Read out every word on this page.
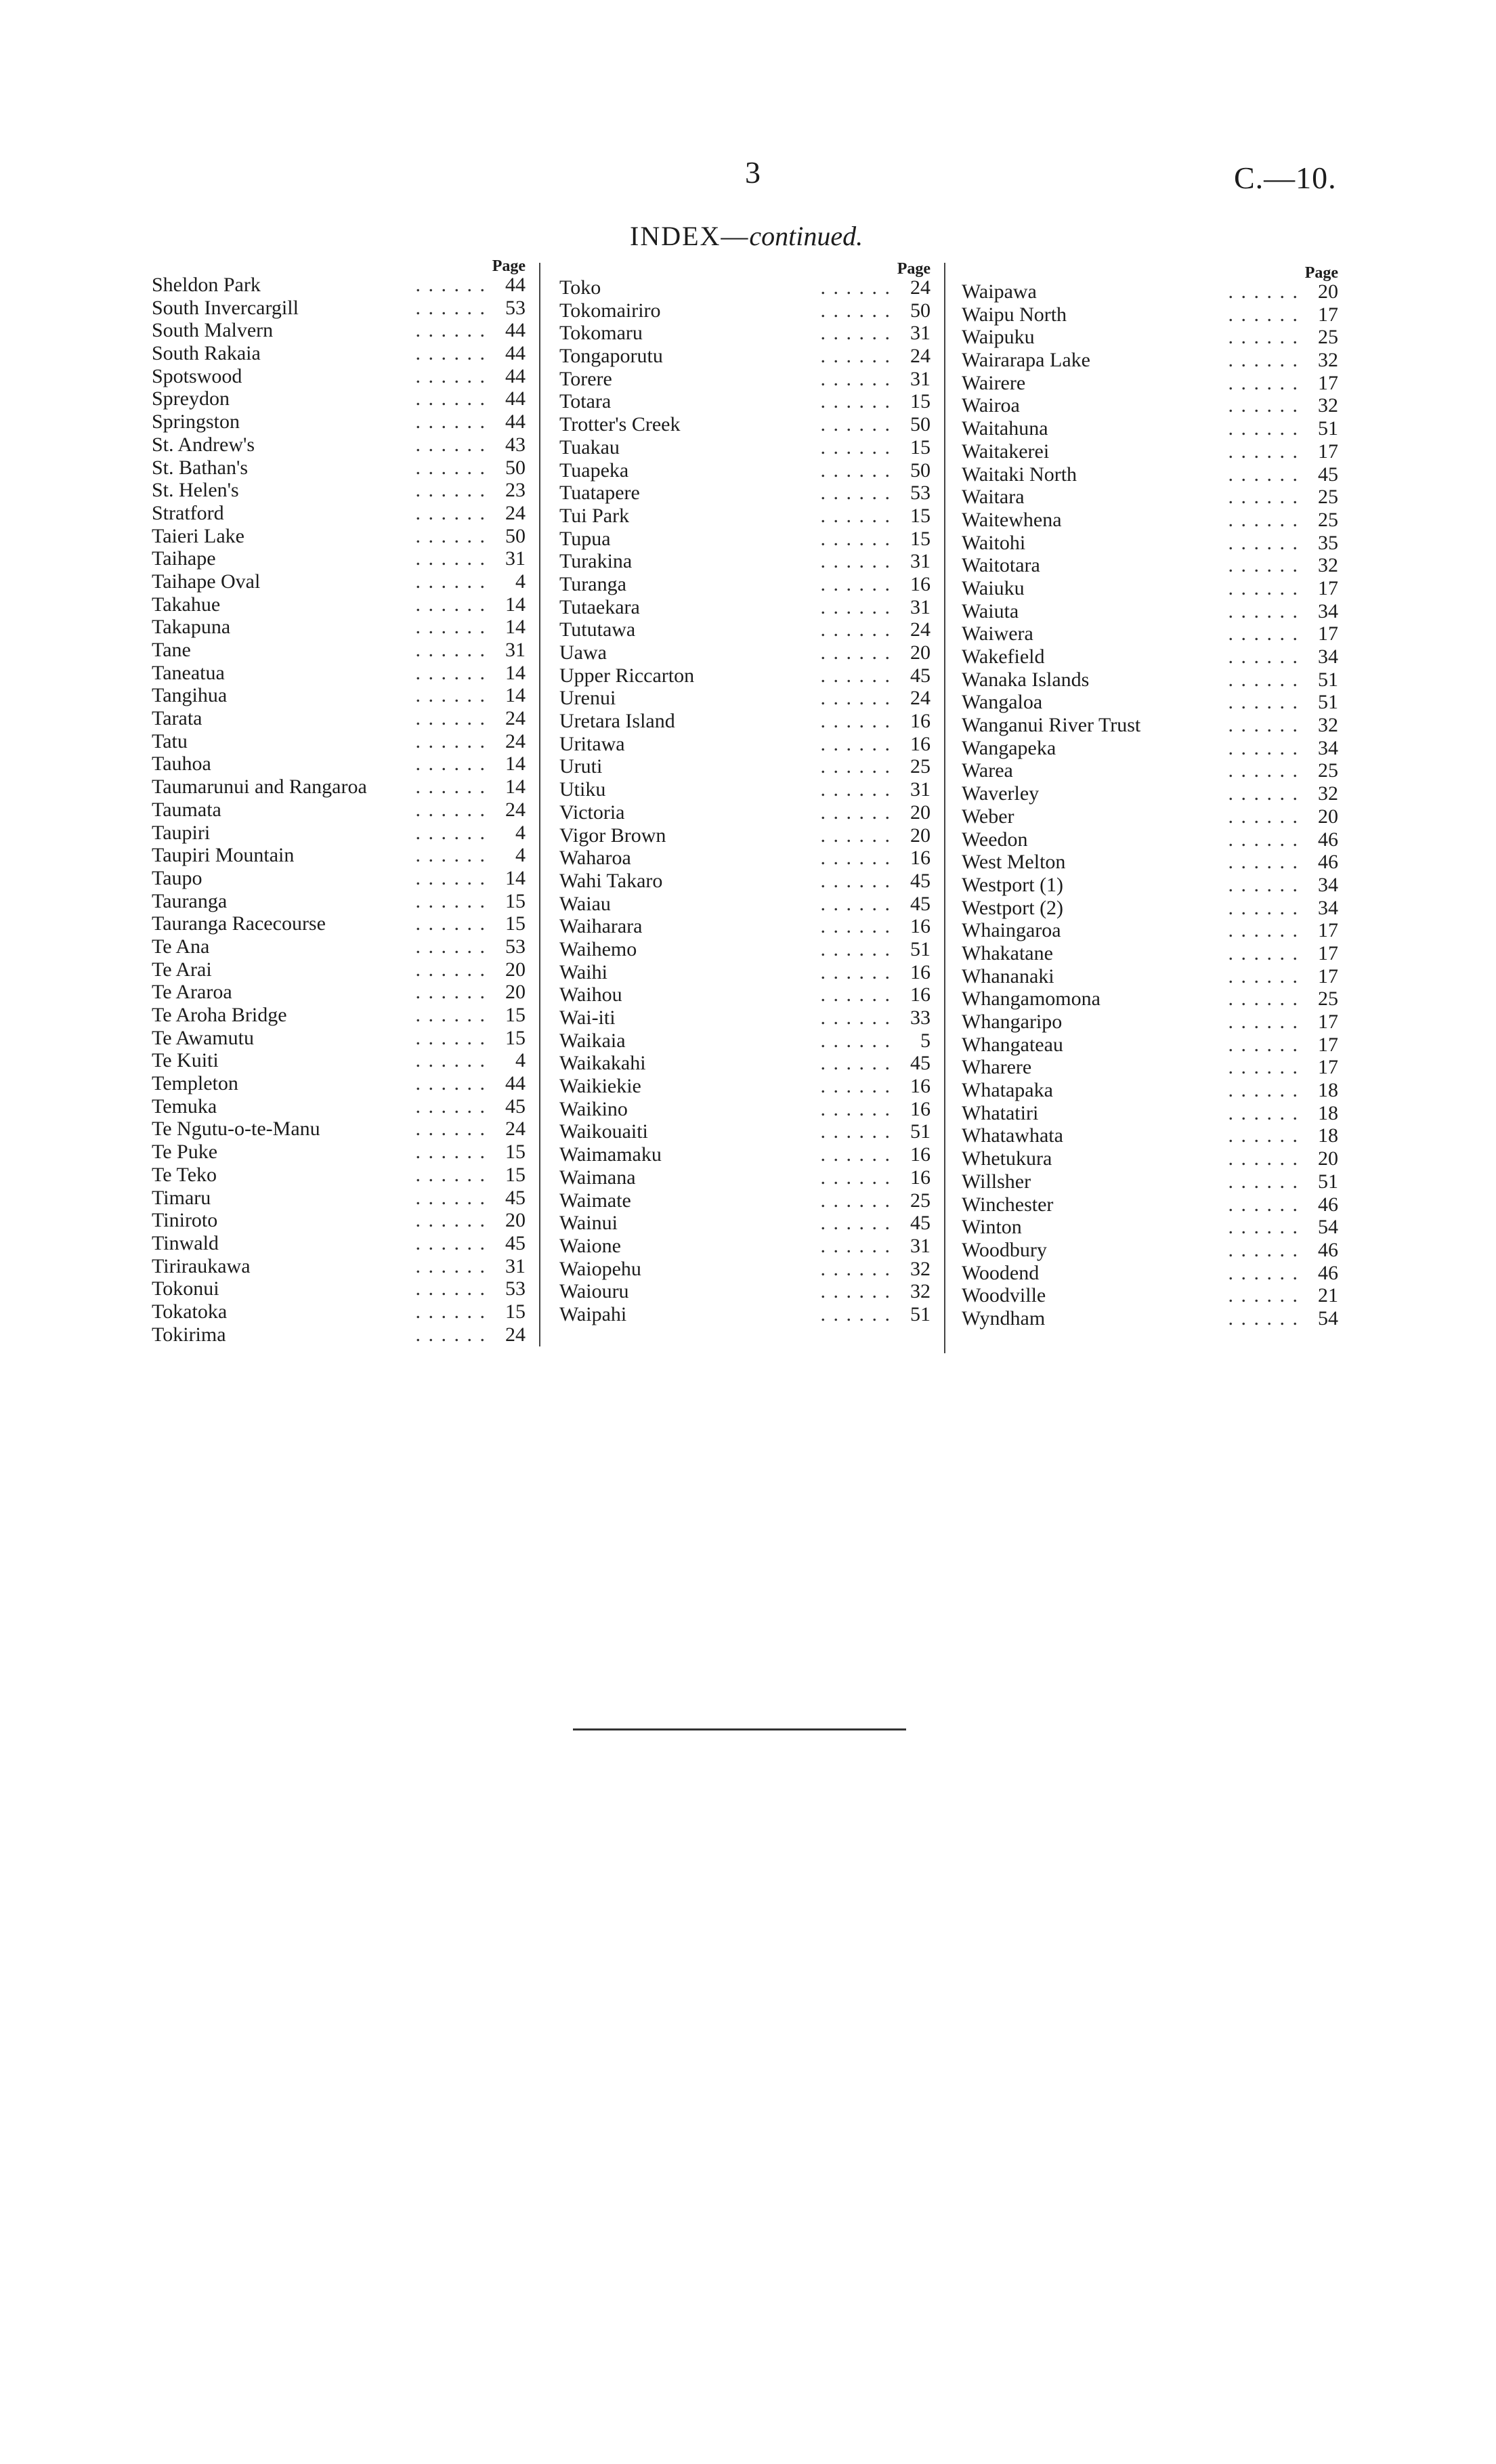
3	C.—10.
INDEX—continued.
Page
Sheldon Park	. . . . . . 44
South Invercargill	. . . . . . 53
South Malvern	. . . . . . 44
South Rakaia	. . . . . . 44
Spotswood	. . . . . . 44
Spreydon	. . . . . . 44
Springston	. . . . . . 44
St. Andrew's	. . . . . . 43
St. Bathan's	. . . . . . 50
St. Helen's	. . . . . . 23
Stratford	. . . . . . 24
Taieri Lake	. . . . . . 50
Taihape	. . . . . . 31
Taihape Oval	. . . . . . 4
Takahue	. . . . . . 14
Takapuna	. . . . . . 14
Tane	. . . . . . 31
Taneatua	. . . . . . 14
Tangihua	. . . . . . 14
Tarata	. . . . . . 24
Tatu	. . . . . . 24
Tauhoa	. . . . . . 14
Taumarunui and Rangaroa . . . . . . 14
Taumata	. . . . . . 24
Taupiri	. . . . . . 4
Taupiri Mountain	. . . . . . 4
Taupo	. . . . . . 14
Tauranga	. . . . . . 15
Tauranga Racecourse	. . . . . . 15
Te Ana	. . . . . . 53
Te Arai	. . . . . . 20
Te Araroa	. . . . . . 20
Te Aroha Bridge	. . . . . . 15
Te Awamutu	. . . . . . 15
Te Kuiti	. . . . . . 4
Templeton	. . . . . . 44
Temuka	. . . . . . 45
Te Ngutu-o-te-Manu	. . . . . . 24
Te Puke	. . . . . . 15
Te Teko	. . . . . . 15
Timaru	. . . . . . 45
Tiniroto	. . . . . . 20
Tinwald	. . . . . . 45
Tiriraukawa	. . . . . . 31
Tokonui	. . . . . . 53
Tokatoka	. . . . . . 15
Tokirima	. . . . . . 24
Page
Toko	. . . . . . 24
Tokomairiro	. . . . . . 50
Tokomaru	. . . . . . 31
Tongaporutu	. . . . . . 24
Torere	. . . . . . 31
Totara	. . . . . . 15
Trotter's Creek	. . . . . . 50
Tuakau	. . . . . . 15
Tuapeka	. . . . . . 50
Tuatapere	. . . . . . 53
Tui Park	. . . . . . 15
Tupua	. . . . . . 15
Turakina	. . . . . . 31
Turanga	. . . . . . 16
Tutaekara	. . . . . . 31
Tututawa	. . . . . . 24
Uawa	. . . . . . 20
Upper Riccarton	. . . . . . 45
Urenui	. . . . . . 24
Uretara Island	. . . . . . 16
Uritawa	. . . . . . 16
Uruti	. . . . . . 25
Utiku	. . . . . . 31
Victoria	. . . . . . 20
Vigor Brown	. . . . . . 20
Waharoa	. . . . . . 16
Wahi Takaro	. . . . . . 45
Waiau	. . . . . . 45
Waiharara	. . . . . . 16
Waihemo	. . . . . . 51
Waihi	. . . . . . 16
Waihou	. . . . . . 16
Wai-iti	. . . . . . 33
Waikaia	. . . . . . 5
Waikakahi	. . . . . . 45
Waikiekie	. . . . . . 16
Waikino	. . . . . . 16
Waikouaiti	. . . . . . 51
Waimamaku	. . . . . . 16
Waimana	. . . . . . 16
Waimate	. . . . . . 25
Wainui	. . . . . . 45
Waione	. . . . . . 31
Waiopehu	. . . . . . 32
Waiouru	. . . . . . 32
Waipahi	. . . . . . 51
Page
Waipawa	. . . . . . 20
Waipu North	. . . . . . 17
Waipuku	. . . . . . 25
Wairarapa Lake	. . . . . . 32
Wairere	. . . . . . 17
Wairoa	. . . . . . 32
Waitahuna	. . . . . . 51
Waitakerei	. . . . . . 17
Waitaki North	. . . . . . 45
Waitara	. . . . . . 25
Waitewhena	. . . . . . 25
Waitohi	. . . . . . 35
Waitotara	. . . . . . 32
Waiuku	. . . . . . 17
Waiuta	. . . . . . 34
Waiwera	. . . . . . 17
Wakefield	. . . . . . 34
Wanaka Islands	. . . . . . 51
Wangaloa	. . . . . . 51
Wanganui River Trust	. . . . . . 32
Wangapeka	. . . . . . 34
Warea	. . . . . . 25
Waverley	. . . . . . 32
Weber	. . . . . . 20
Weedon	. . . . . . 46
West Melton	. . . . . . 46
Westport (1)	. . . . . . 34
Westport (2)	. . . . . . 34
Whaingaroa	. . . . . . 17
Whakatane	. . . . . . 17
Whananaki	. . . . . . 17
Whangamomona	. . . . . . 25
Whangaripo	. . . . . . 17
Whangateau	. . . . . . 17
Wharere	. . . . . . 17
Whatapaka	. . . . . . 18
Whatatiri	. . . . . . 18
Whatawhata	. . . . . . 18
Whetukura	. . . . . . 20
Willsher	. . . . . . 51
Winchester	. . . . . . 46
Winton	. . . . . . 54
Woodbury	. . . . . . 46
Woodend	. . . . . . 46
Woodville	. . . . . . 21
Wyndham	. . . . . . 54
